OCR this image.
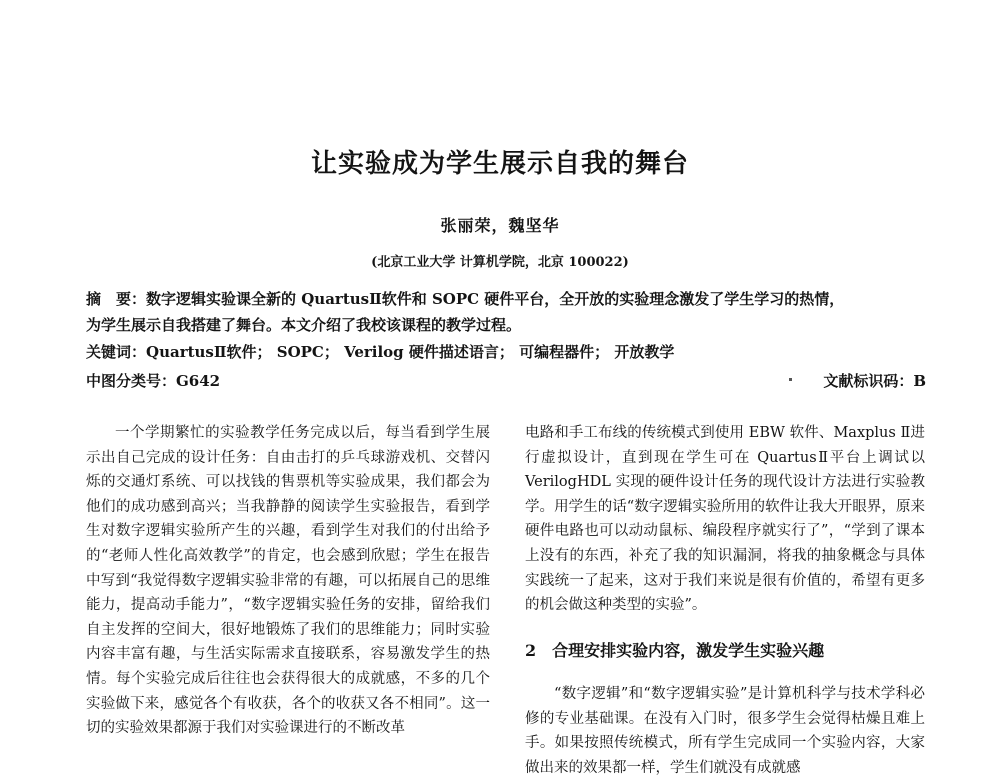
让实验成为学生展示自我的舞台
张丽荣，魏坚华
(北京工业大学 计算机学院，北京 100022)

摘　要：数字逻辑实验课全新的 QuartusⅡ软件和 SOPC 硬件平台，全开放的实验理念激发了学生学习的热情，

为学生展示自我搭建了舞台。本文介绍了我校该课程的教学过程。

关键词：QuartusⅡ软件； SOPC； Verilog 硬件描述语言； 可编程器件； 开放教学
中图分类号：G642	文献标识码：B

一个学期繁忙的实验教学任务完成以后，每当看到学生展示出自己完成的设计任务：自由击打的乒乓球游戏机、交替闪烁的交通灯系统、可以找钱的售票机等实验成果，我们都会为他们的成功感到高兴；当我静静的阅读学生实验报告，看到学生对数字逻辑实验所产生的兴趣，看到学生对我们的付出给予的“老师人性化高效教学”的肯定，也会感到欣慰；学生在报告中写到“我觉得数字逻辑实验非常的有趣，可以拓展自己的思维能力，提高动手能力”，“数字逻辑实验任务的安排，留给我们自主发挥的空间大，很好地锻炼了我们的思维能力；同时实验内容丰富有趣，与生活实际需求直接联系，容易激发学生的热情。每个实验完成后往往也会获得很大的成就感，不多的几个实验做下来，感觉各个有收获，各个的收获又各不相同”。这一切的实验效果都源于我们对实验课进行的不断改革

电路和手工布线的传统模式到使用 EBW 软件、Maxplus Ⅱ进行虚拟设计，直到现在学生可在 QuartusⅡ平台上调试以 VerilogHDL 实现的硬件设计任务的现代设计方法进行实验教学。用学生的话“数字逻辑实验所用的软件让我大开眼界，原来硬件电路也可以动动鼠标、编段程序就实行了”，“学到了课本上没有的东西，补充了我的知识漏洞，将我的抽象概念与具体实践统一了起来，这对于我们来说是很有价值的，希望有更多的机会做这种类型的实验”。

2　合理安排实验内容，激发学生实验兴趣

“数字逻辑”和“数字逻辑实验”是计算机科学与技术学科必修的专业基础课。在没有入门时，很多学生会觉得枯燥且难上手。如果按照传统模式，所有学生完成同一个实验内容，大家做出来的效果都一样，学生们就没有成就感
